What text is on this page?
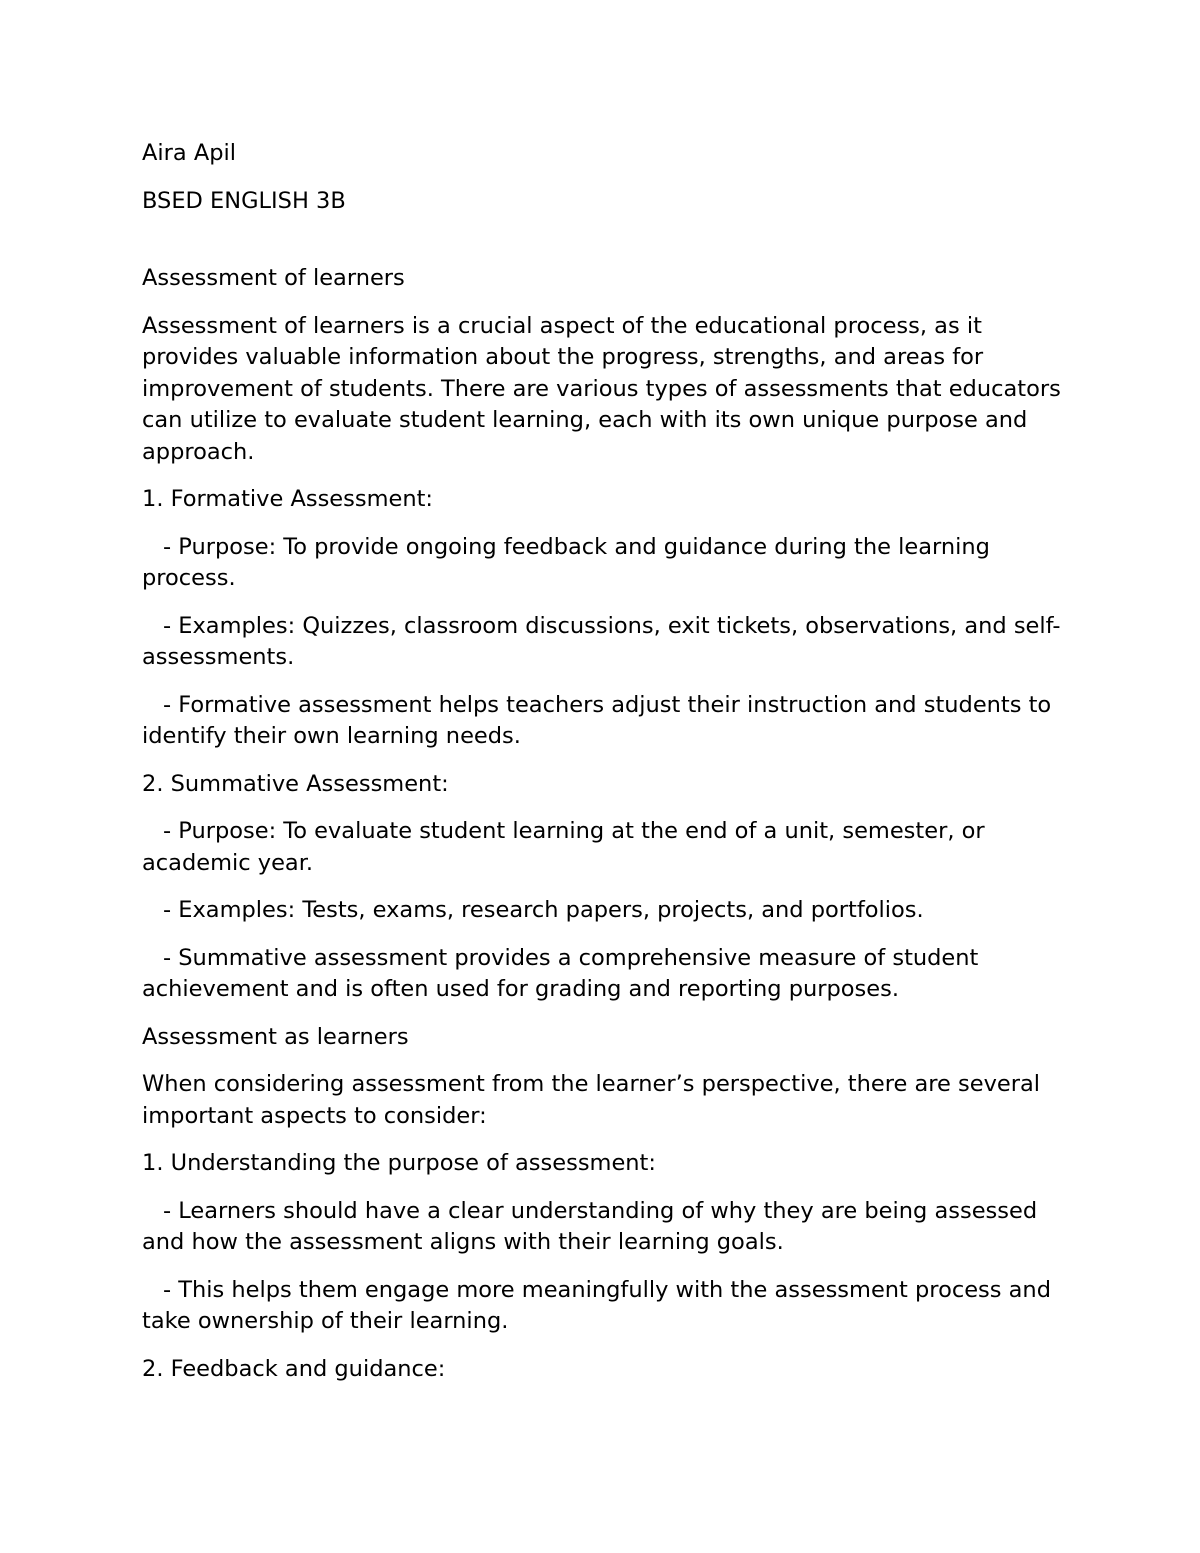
Aira Apil

BSED ENGLISH 3B

Assessment of learners

Assessment of learners is a crucial aspect of the educational process, as it provides valuable information about the progress, strengths, and areas for improvement of students. There are various types of assessments that educators can utilize to evaluate student learning, each with its own unique purpose and approach.

1. Formative Assessment:

- Purpose: To provide ongoing feedback and guidance during the learning process.

- Examples: Quizzes, classroom discussions, exit tickets, observations, and self-assessments.

- Formative assessment helps teachers adjust their instruction and students to identify their own learning needs.

2. Summative Assessment:

- Purpose: To evaluate student learning at the end of a unit, semester, or academic year.

- Examples: Tests, exams, research papers, projects, and portfolios.

- Summative assessment provides a comprehensive measure of student achievement and is often used for grading and reporting purposes.

Assessment as learners

When considering assessment from the learner’s perspective, there are several important aspects to consider:

1. Understanding the purpose of assessment:

- Learners should have a clear understanding of why they are being assessed and how the assessment aligns with their learning goals.

- This helps them engage more meaningfully with the assessment process and take ownership of their learning.

2. Feedback and guidance:
